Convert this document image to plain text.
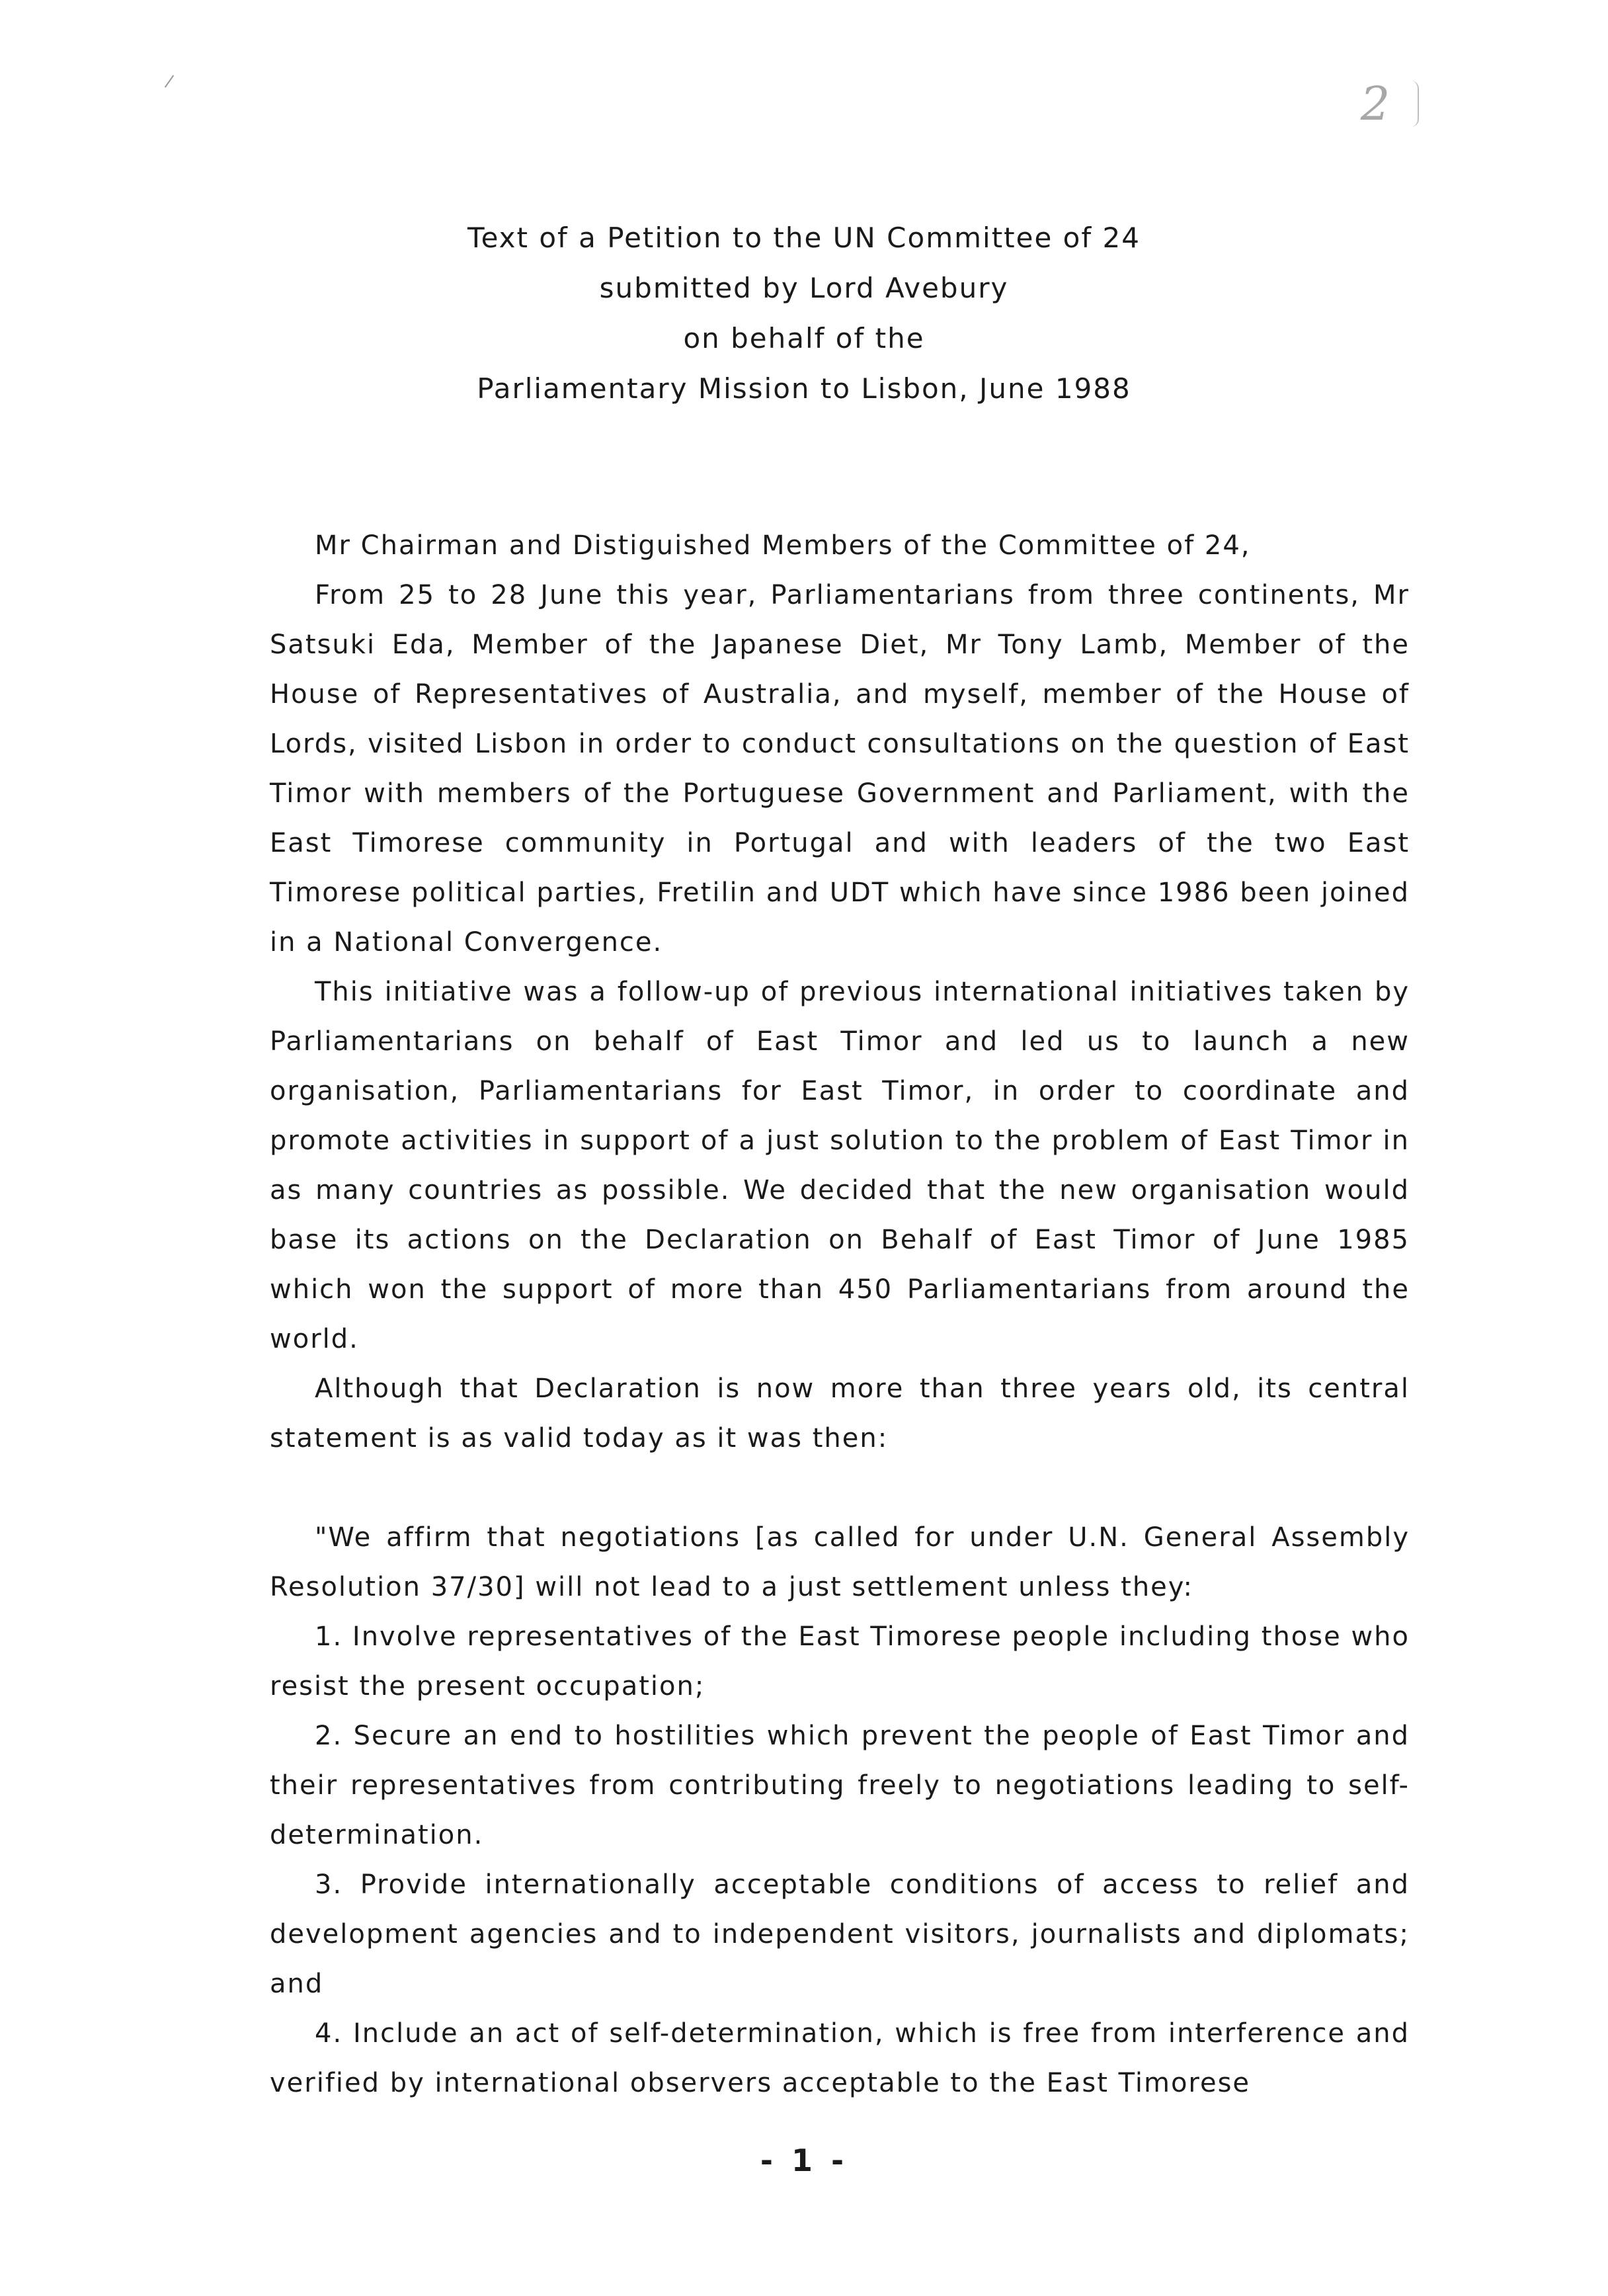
2
Text of a Petition to the UN Committee of 24
submitted by Lord Avebury
on behalf of the
Parliamentary Mission to Lisbon, June 1988

Mr Chairman and Distiguished Members of the Committee of 24,

From 25 to 28 June this year, Parliamentarians from three continents, Mr Satsuki Eda, Member of the Japanese Diet, Mr Tony Lamb, Member of the House of Representatives of Australia, and myself, member of the House of Lords, visited Lisbon in order to conduct consultations on the question of East Timor with members of the Portuguese Government and Parliament, with the East Timorese community in Portugal and with leaders of the two East Timorese political parties, Fretilin and UDT which have since 1986 been joined in a National Convergence.

This initiative was a follow-up of previous international initiatives taken by Parliamentarians on behalf of East Timor and led us to launch a new organisation, Parliamentarians for East Timor, in order to coordinate and promote activities in support of a just solution to the problem of East Timor in as many countries as possible. We decided that the new organisation would base its actions on the Declaration on Behalf of East Timor of June 1985 which won the support of more than 450 Parliamentarians from around the world.

Although that Declaration is now more than three years old, its central statement is as valid today as it was then:

"We affirm that negotiations [as called for under U.N. General Assembly Resolution 37/30] will not lead to a just settlement unless they:

1. Involve representatives of the East Timorese people including those who resist the present occupation;

2. Secure an end to hostilities which prevent the people of East Timor and their representatives from contributing freely to negotiations leading to self-determination.

3. Provide internationally acceptable conditions of access to relief and development agencies and to independent visitors, journalists and diplomats; and

4. Include an act of self-determination, which is free from interference and verified by international observers acceptable to the East Timorese

- 1 -
